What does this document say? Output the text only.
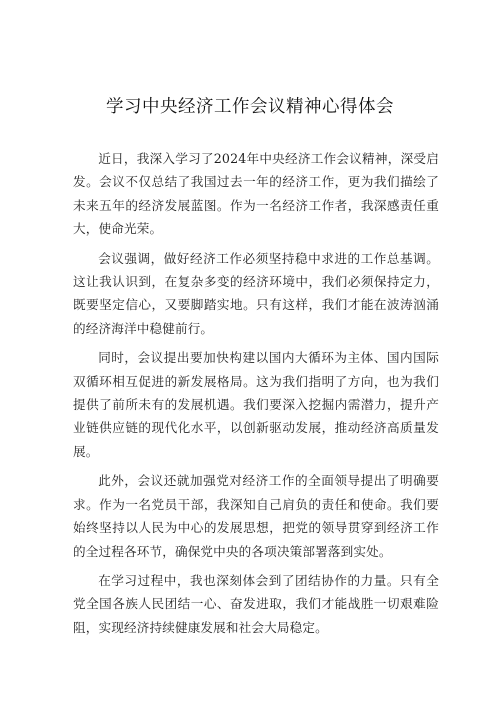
学习中央经济工作会议精神心得体会

近日，我深入学习了2024年中央经济工作会议精神，深受启发。会议不仅总结了我国过去一年的经济工作，更为我们描绘了未来五年的经济发展蓝图。作为一名经济工作者，我深感责任重大，使命光荣。

会议强调，做好经济工作必须坚持稳中求进的工作总基调。这让我认识到，在复杂多变的经济环境中，我们必须保持定力，既要坚定信心，又要脚踏实地。只有这样，我们才能在波涛汹涌的经济海洋中稳健前行。

同时，会议提出要加快构建以国内大循环为主体、国内国际双循环相互促进的新发展格局。这为我们指明了方向，也为我们提供了前所未有的发展机遇。我们要深入挖掘内需潜力，提升产业链供应链的现代化水平，以创新驱动发展，推动经济高质量发展。

此外，会议还就加强党对经济工作的全面领导提出了明确要求。作为一名党员干部，我深知自己肩负的责任和使命。我们要始终坚持以人民为中心的发展思想，把党的领导贯穿到经济工作的全过程各环节，确保党中央的各项决策部署落到实处。

在学习过程中，我也深刻体会到了团结协作的力量。只有全党全国各族人民团结一心、奋发进取，我们才能战胜一切艰难险阻，实现经济持续健康发展和社会大局稳定。
